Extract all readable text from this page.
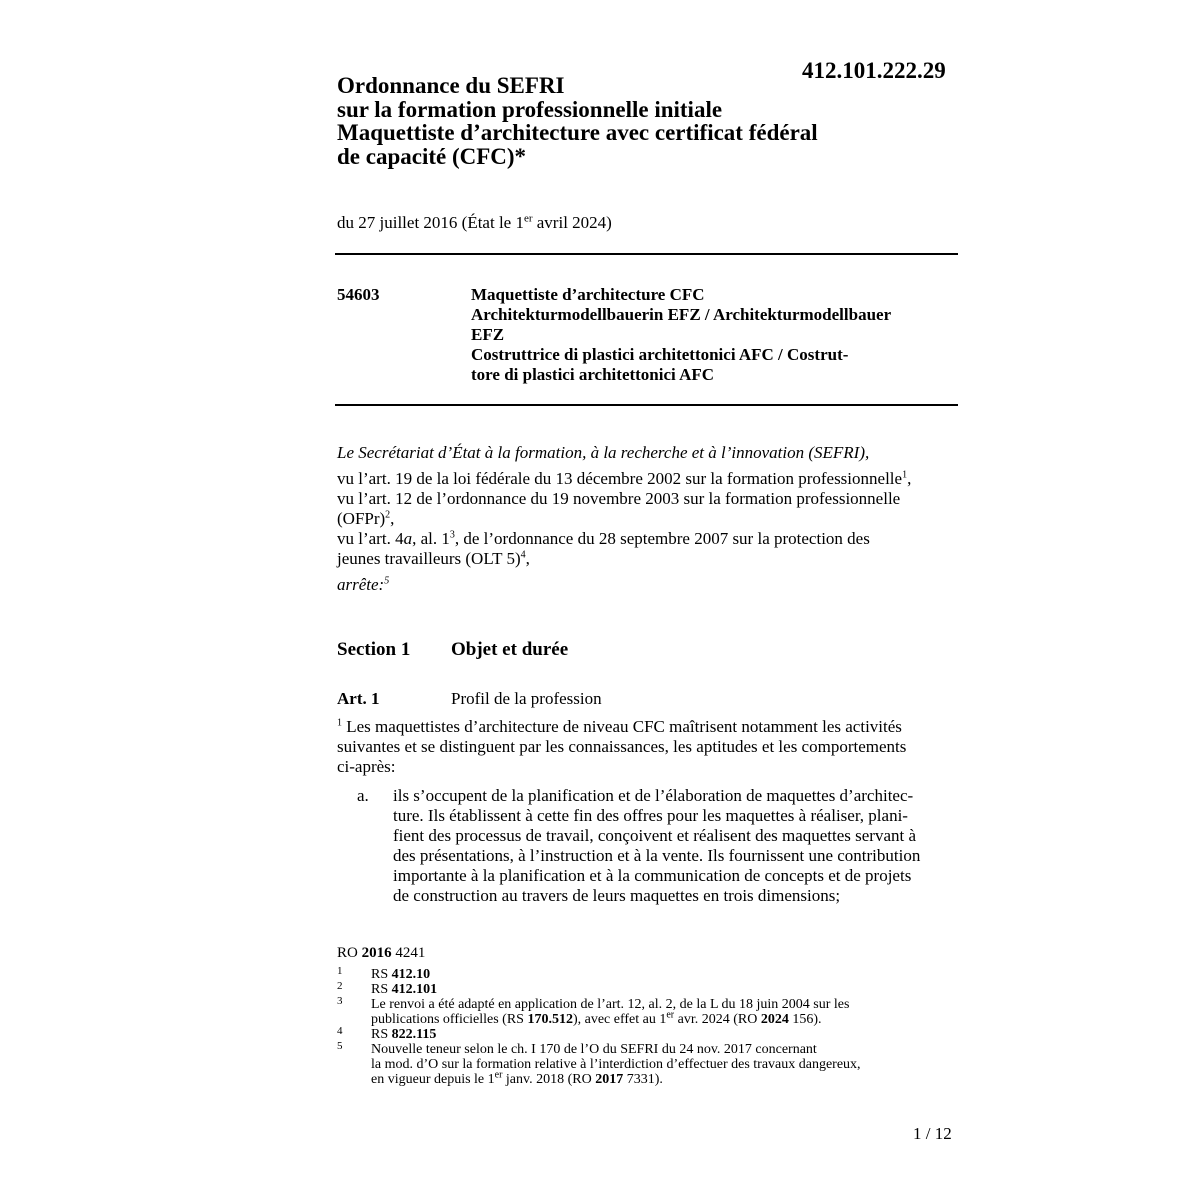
412.101.222.29
Ordonnance du SEFRI
sur la formation professionnelle initiale
Maquettiste d’architecture avec certificat fédéral
de capacité (CFC)*
du 27 juillet 2016 (État le 1er avril 2024)
54603	Maquettiste d’architecture CFC
Architekturmodellbauerin EFZ / Architekturmodellbauer
EFZ
Costruttrice di plastici architettonici AFC / Costrut-
tore di plastici architettonici AFC
Le Secrétariat d’État à la formation, à la recherche et à l’innovation (SEFRI),
vu l’art. 19 de la loi fédérale du 13 décembre 2002 sur la formation professionnelle$^1$,
vu l’art. 12 de l’ordonnance du 19 novembre 2003 sur la formation professionnelle
(OFPr)$^2$,
vu l’art. 4a, al. 1$^3$, de l’ordonnance du 28 septembre 2007 sur la protection des
jeunes travailleurs (OLT 5)$^4$,
arrête:$^5$
Section 1 Objet et durée
Art. 1	Profil de la profession
$^1$ Les maquettistes d’architecture de niveau CFC maîtrisent notamment les activités
suivantes et se distinguent par les connaissances, les aptitudes et les comportements
ci-après:
a. ils s’occupent de la planification et de l’élaboration de maquettes d’architec-
ture. Ils établissent à cette fin des offres pour les maquettes à réaliser, plani-
fient des processus de travail, conçoivent et réalisent des maquettes servant à
des présentations, à l’instruction et à la vente. Ils fournissent une contribution
importante à la planification et à la communication de concepts et de projets
de construction au travers de leurs maquettes en trois dimensions;
RO 2016 4241
1 RS 412.10
2 RS 412.101
3 Le renvoi a été adapté en application de l’art. 12, al. 2, de la L du 18 juin 2004 sur les
publications officielles (RS 170.512), avec effet au 1er avr. 2024 (RO 2024 156).
4 RS 822.115
5 Nouvelle teneur selon le ch. I 170 de l’O du SEFRI du 24 nov. 2017 concernant
la mod. d’O sur la formation relative à l’interdiction d’effectuer des travaux dangereux,
en vigueur depuis le 1er janv. 2018 (RO 2017 7331).
1 / 12
